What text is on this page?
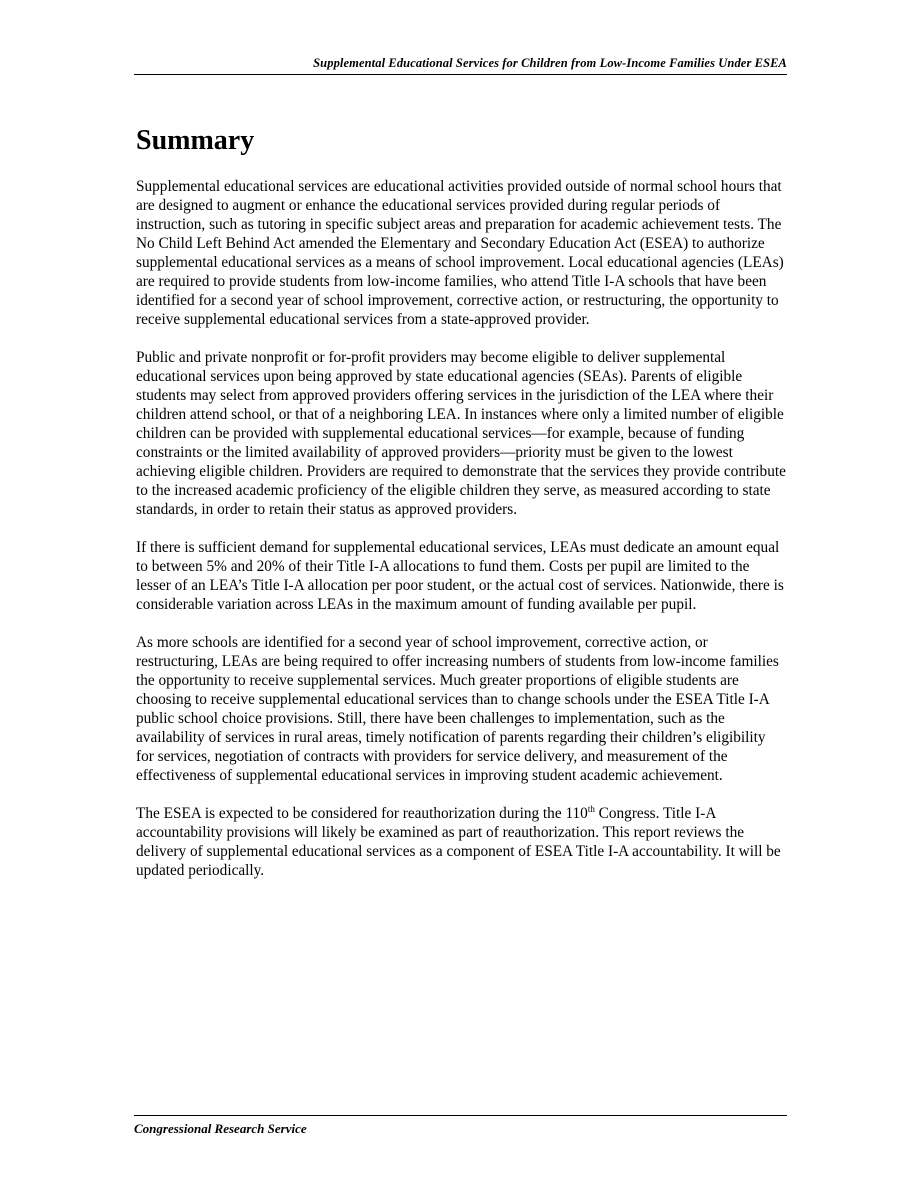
Supplemental Educational Services for Children from Low-Income Families Under ESEA
Summary

Supplemental educational services are educational activities provided outside of normal school hours that are designed to augment or enhance the educational services provided during regular periods of instruction, such as tutoring in specific subject areas and preparation for academic achievement tests. The No Child Left Behind Act amended the Elementary and Secondary Education Act (ESEA) to authorize supplemental educational services as a means of school improvement. Local educational agencies (LEAs) are required to provide students from low-income families, who attend Title I-A schools that have been identified for a second year of school improvement, corrective action, or restructuring, the opportunity to receive supplemental educational services from a state-approved provider.

Public and private nonprofit or for-profit providers may become eligible to deliver supplemental educational services upon being approved by state educational agencies (SEAs). Parents of eligible students may select from approved providers offering services in the jurisdiction of the LEA where their children attend school, or that of a neighboring LEA. In instances where only a limited number of eligible children can be provided with supplemental educational services—for example, because of funding constraints or the limited availability of approved providers—priority must be given to the lowest achieving eligible children. Providers are required to demonstrate that the services they provide contribute to the increased academic proficiency of the eligible children they serve, as measured according to state standards, in order to retain their status as approved providers.

If there is sufficient demand for supplemental educational services, LEAs must dedicate an amount equal to between 5% and 20% of their Title I-A allocations to fund them. Costs per pupil are limited to the lesser of an LEA’s Title I-A allocation per poor student, or the actual cost of services. Nationwide, there is considerable variation across LEAs in the maximum amount of funding available per pupil.

As more schools are identified for a second year of school improvement, corrective action, or restructuring, LEAs are being required to offer increasing numbers of students from low-income families the opportunity to receive supplemental services. Much greater proportions of eligible students are choosing to receive supplemental educational services than to change schools under the ESEA Title I-A public school choice provisions. Still, there have been challenges to implementation, such as the availability of services in rural areas, timely notification of parents regarding their children’s eligibility for services, negotiation of contracts with providers for service delivery, and measurement of the effectiveness of supplemental educational services in improving student academic achievement.

The ESEA is expected to be considered for reauthorization during the 110th Congress. Title I-A accountability provisions will likely be examined as part of reauthorization. This report reviews the delivery of supplemental educational services as a component of ESEA Title I-A accountability. It will be updated periodically.

Congressional Research Service
